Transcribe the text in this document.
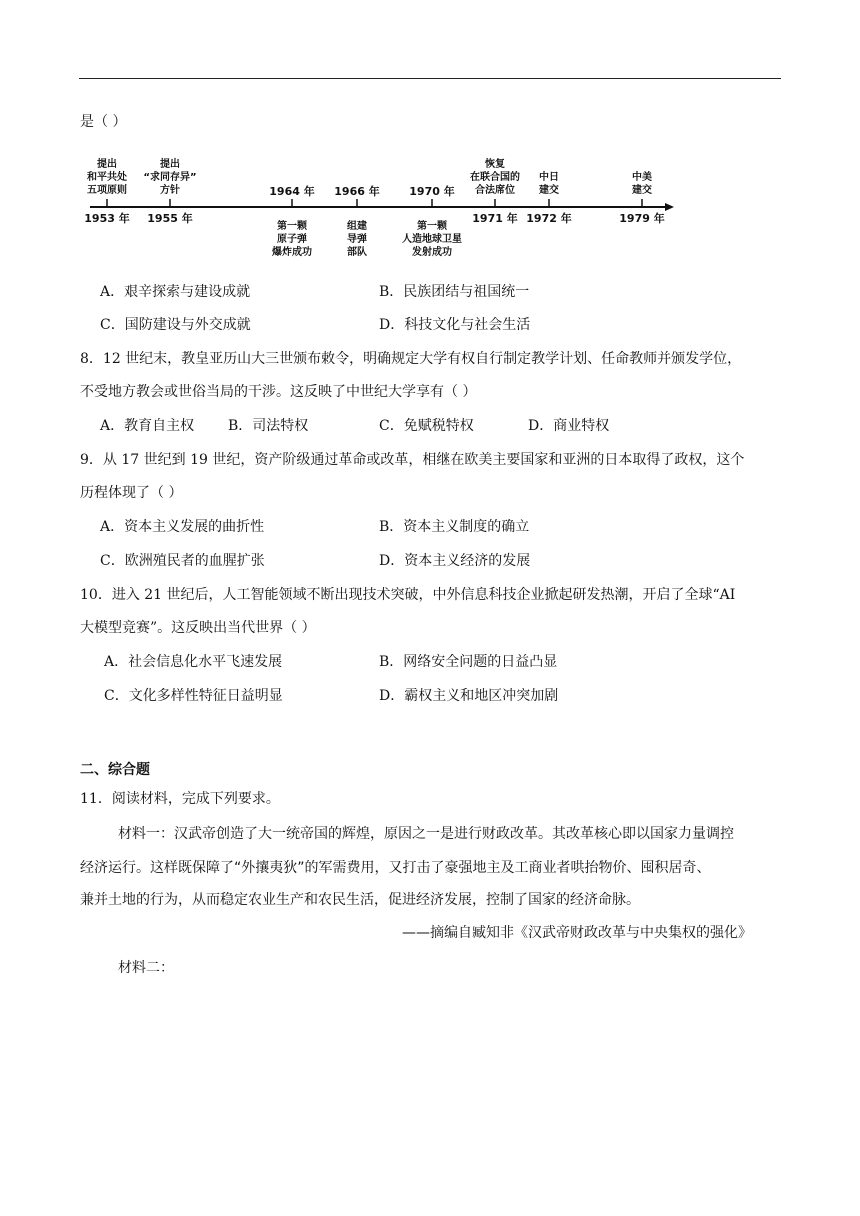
是（ ）
1953 年
提出
和平共处
五项原则
1955 年
提出
“求同存异”
方针	1964 年
第一颗
原子弹
爆炸成功
1966 年
组建
导弹
部队
1970 年
第一颗
人造地球卫星
发射成功
1971 年
恢复
在联合国的
合法席位
1972 年
中日
建交
1979 年
中美
建交
A．艰辛探索与建设成就	B．民族团结与祖国统一
C．国防建设与外交成就	D．科技文化与社会生活
8．12 世纪末，教皇亚历山大三世颁布敕令，明确规定大学有权自行制定教学计划、任命教师并颁发学位，
不受地方教会或世俗当局的干涉。这反映了中世纪大学享有（ ）
A．教育自主权 B．司法特权	C．免赋税特权	D．商业特权
9．从 17 世纪到 19 世纪，资产阶级通过革命或改革，相继在欧美主要国家和亚洲的日本取得了政权，这个
历程体现了（ ）
A．资本主义发展的曲折性	B．资本主义制度的确立
C．欧洲殖民者的血腥扩张	D．资本主义经济的发展
10．进入 21 世纪后，人工智能领域不断出现技术突破，中外信息科技企业掀起研发热潮，开启了全球“AI
大模型竞赛”。这反映出当代世界（ ）
A．社会信息化水平飞速发展	B．网络安全问题的日益凸显
C．文化多样性特征日益明显	D．霸权主义和地区冲突加剧
二、综合题
11．阅读材料，完成下列要求。
材料一：汉武帝创造了大一统帝国的辉煌，原因之一是进行财政改革。其改革核心即以国家力量调控
经济运行。这样既保障了“外攘夷狄”的军需费用，又打击了豪强地主及工商业者哄抬物价、囤积居奇、
兼并土地的行为，从而稳定农业生产和农民生活，促进经济发展，控制了国家的经济命脉。
——摘编自臧知非《汉武帝财政改革与中央集权的强化》
材料二：
